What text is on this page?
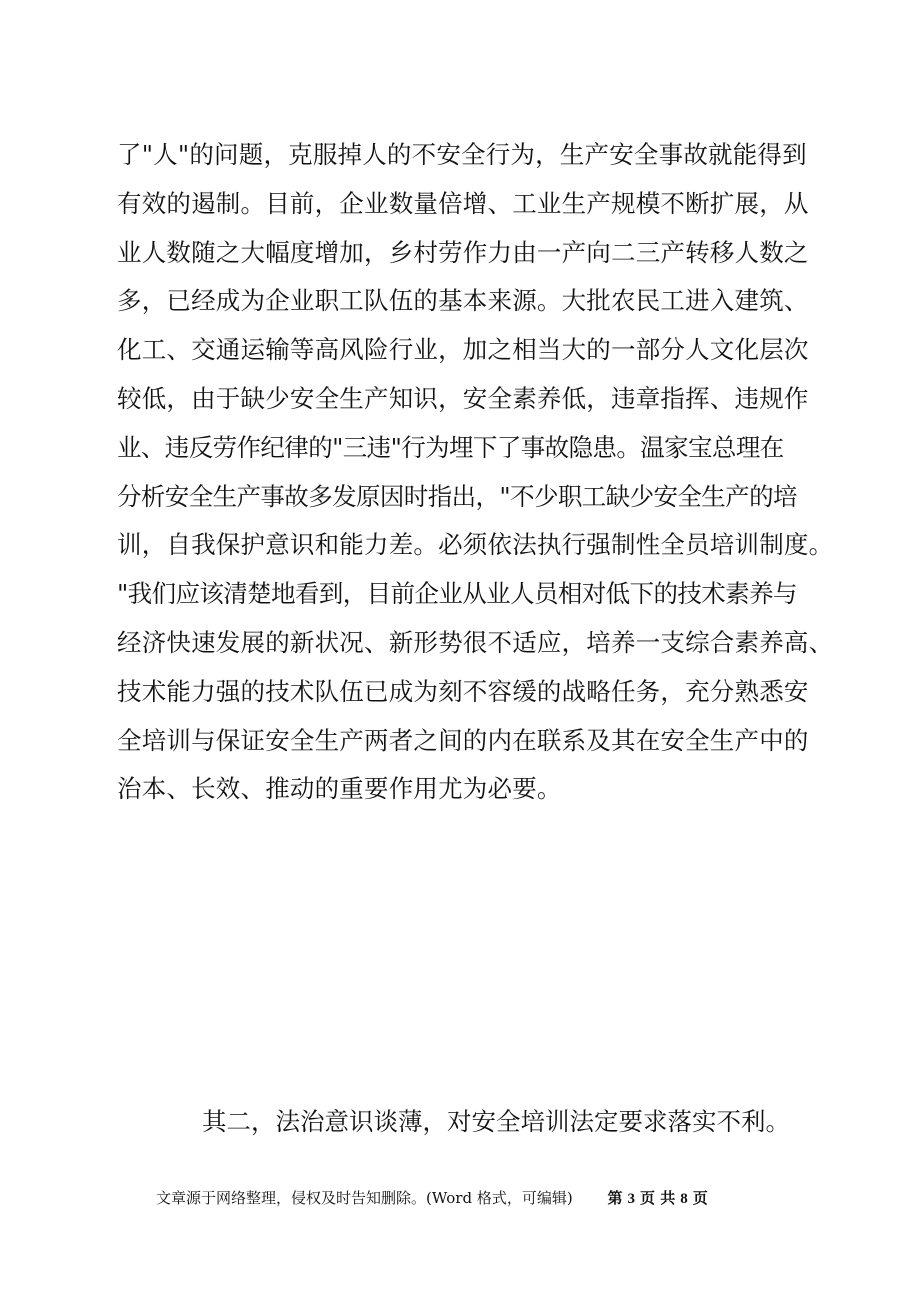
了"人"的问题，克服掉人的不安全行为，生产安全事故就能得到
有效的遏制。目前，企业数量倍增、工业生产规模不断扩展，从
业人数随之大幅度增加，乡村劳作力由一产向二三产转移人数之
多，已经成为企业职工队伍的基本来源。大批农民工进入建筑、
化工、交通运输等高风险行业，加之相当大的一部分人文化层次
较低，由于缺少安全生产知识，安全素养低，违章指挥、违规作
业、违反劳作纪律的"三违"行为埋下了事故隐患。温家宝总理在
分析安全生产事故多发原因时指出，"不少职工缺少安全生产的培
训，自我保护意识和能力差。必须依法执行强制性全员培训制度。
"我们应该清楚地看到，目前企业从业人员相对低下的技术素养与
经济快速发展的新状况、新形势很不适应，培养一支综合素养高、
技术能力强的技术队伍已成为刻不容缓的战略任务，充分熟悉安
全培训与保证安全生产两者之间的内在联系及其在安全生产中的
治本、长效、推动的重要作用尤为必要。

其二，法治意识谈薄，对安全培训法定要求落实不利。

文章源于网络整理，侵权及时告知删除。(Word 格式，可编辑) 第 3 页 共 8 页
